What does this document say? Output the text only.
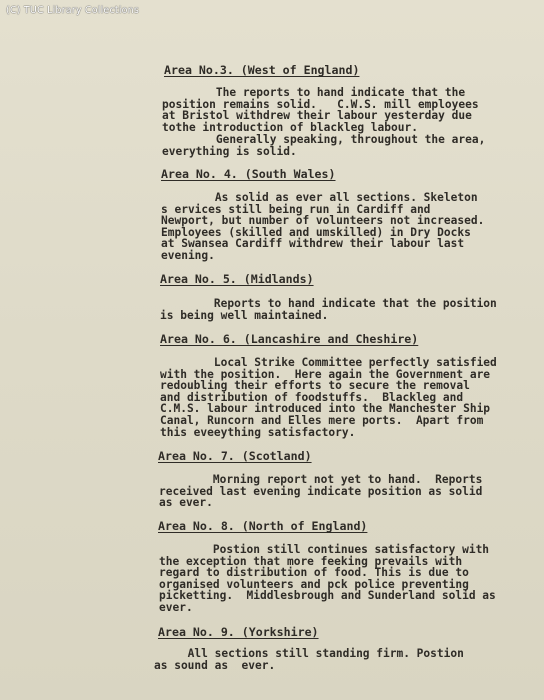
(C) TUC Library Collections
Area No.3. (West of England)
The reports to hand indicate that the
position remains solid.   C.W.S. mill employees
at Bristol withdrew their labour yesterday due
tothe introduction of blackleg labour.
Generally speaking, throughout the area,
everything is solid.
Area No. 4. (South Wales)
As solid as ever all sections. Skeleton
s ervices still being run in Cardiff and
Newport, but number of volunteers not increased.
Employees (skilled and umskilled) in Dry Docks
at Swansea Cardiff withdrew their labour last
evening.
Area No. 5. (Midlands)
Reports to hand indicate that the position
is being well maintained.
Area No. 6. (Lancashire and Cheshire)
Local Strike Committee perfectly satisfied
with the position.  Here again the Government are
redoubling their efforts to secure the removal
and distribution of foodstuffs.  Blackleg and
C.M.S. labour introduced into the Manchester Ship
Canal, Runcorn and Elles mere ports.  Apart from
this eveeything satisfactory.
Area No. 7. (Scotland)
Morning report not yet to hand.  Reports
received last evening indicate position as solid
as ever.
Area No. 8. (North of England)
Postion still continues satisfactory with
the exception that more feeking prevails with
regard to distribution of food. This is due to
organised volunteers and pck police preventing
picketting.  Middlesbrough and Sunderland solid as
ever.
Area No. 9. (Yorkshire)
All sections still standing firm. Postion
as sound as  ever.
